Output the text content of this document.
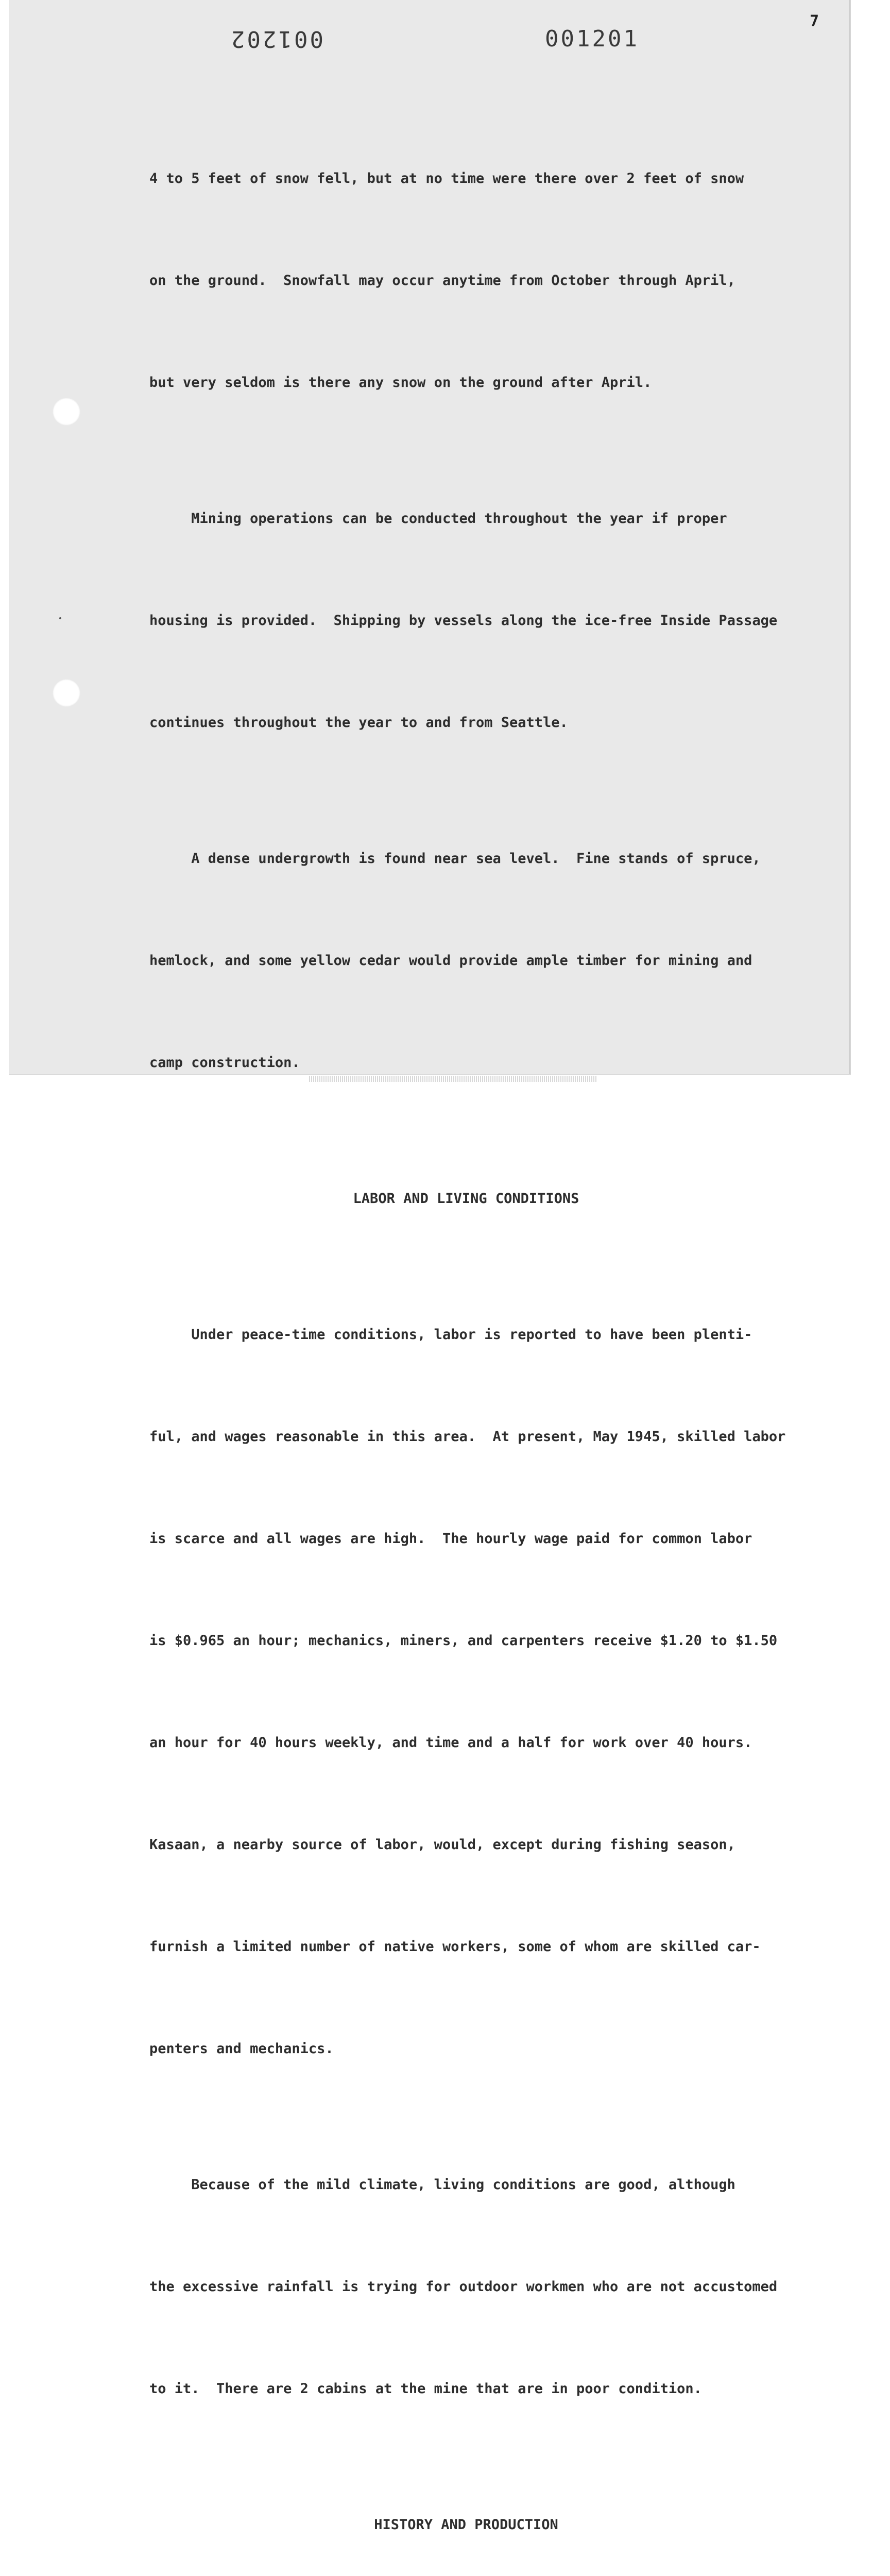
001202	001201
7

4 to 5 feet of snow fell, but at no time were there over 2 feet of snow

on the ground.  Snowfall may occur anytime from October through April,

but very seldom is there any snow on the ground after April.

Mining operations can be conducted throughout the year if proper

housing is provided.  Shipping by vessels along the ice-free Inside Passage

continues throughout the year to and from Seattle.

A dense undergrowth is found near sea level.  Fine stands of spruce,

hemlock, and some yellow cedar would provide ample timber for mining and

camp construction.

LABOR AND LIVING CONDITIONS

Under peace-time conditions, labor is reported to have been plenti-

ful, and wages reasonable in this area.  At present, May 1945, skilled labor

is scarce and all wages are high.  The hourly wage paid for common labor

is $0.965 an hour; mechanics, miners, and carpenters receive $1.20 to $1.50

an hour for 40 hours weekly, and time and a half for work over 40 hours.

Kasaan, a nearby source of labor, would, except during fishing season,

furnish a limited number of native workers, some of whom are skilled car-

penters and mechanics.

Because of the mild climate, living conditions are good, although

the excessive rainfall is trying for outdoor workmen who are not accustomed

to it.  There are 2 cabins at the mine that are in poor condition.

HISTORY AND PRODUCTION
